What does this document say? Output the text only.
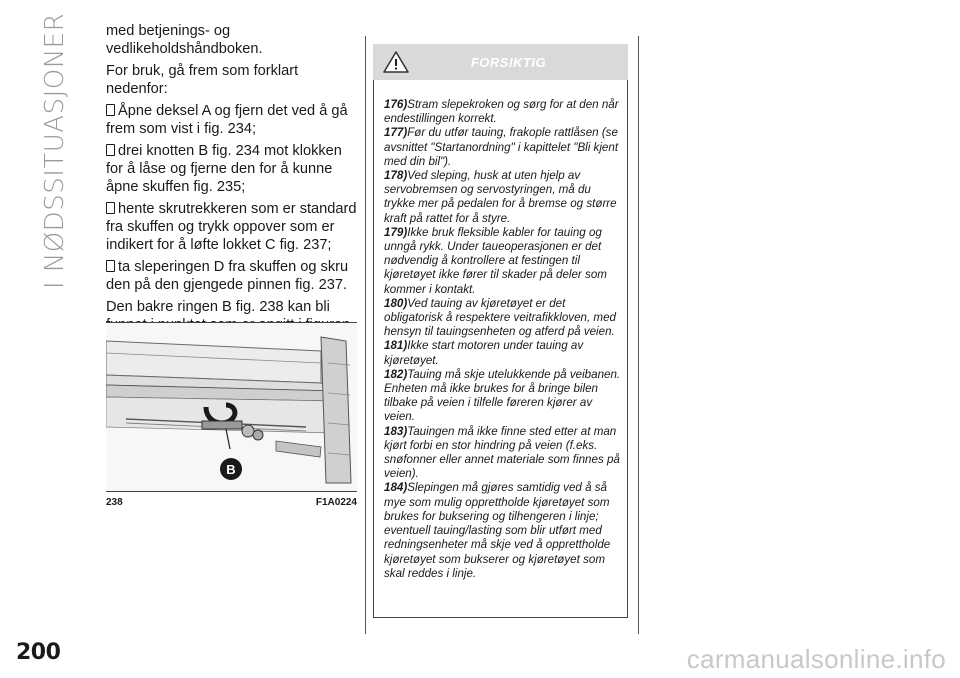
I NØDSSITUASJONER med betjenings- og vedlikeholdshåndboken.

For bruk, gå frem som forklart nedenfor:

Åpne deksel A og fjern det ved å gå frem som vist i fig. 234;
drei knotten B fig. 234 mot klokken for å låse og fjerne den for å kunne åpne skuffen fig. 235;
hente skrutrekkeren som er standard fra skuffen og trykk oppover som er indikert for å løfte lokket C fig. 237;
ta sleperingen D fra skuffen og skru den på den gjengede pinnen fig. 237.

Den bakre ringen B fig. 238 kan bli

B
238	F1A0224
FORSIKTIG
176)Stram slepekroken og sørg for at den når endestillingen korrekt.
177)Før du utfør tauing, frakople rattlåsen (se avsnittet "Startanordning" i kapittelet "Bli kjent med din bil").
178)Ved sleping, husk at uten hjelp av servobremsen og servostyringen, må du trykke mer på pedalen for å bremse og større kraft på rattet for å styre.
179)Ikke bruk fleksible kabler for tauing og unngå rykk. Under taueoperasjonen er det nødvendig å kontrollere at festingen til kjøretøyet ikke fører til skader på deler som kommer i kontakt.
180)Ved tauing av kjøretøyet er det obligatorisk å respektere veitrafikkloven, med hensyn til tauingsenheten og atferd på veien.
181)Ikke start motoren under tauing av kjøretøyet.
182)Tauing må skje utelukkende på veibanen. Enheten må ikke brukes for å bringe bilen tilbake på veien i tilfelle føreren kjører av veien.
183)Tauingen må ikke finne sted etter at man kjørt forbi en stor hindring på veien (f.eks. snøfonner eller annet materiale som finnes på veien).
184)Slepingen må gjøres samtidig ved å så mye som mulig opprettholde kjøretøyet som brukes for buksering og tilhengeren i linje; eventuell tauing/lasting som blir utført med redningsenheter må skje ved å opprettholde kjøretøyet som bukserer og kjøretøyet som skal reddes i linje.
200	carmanualsonline.info
